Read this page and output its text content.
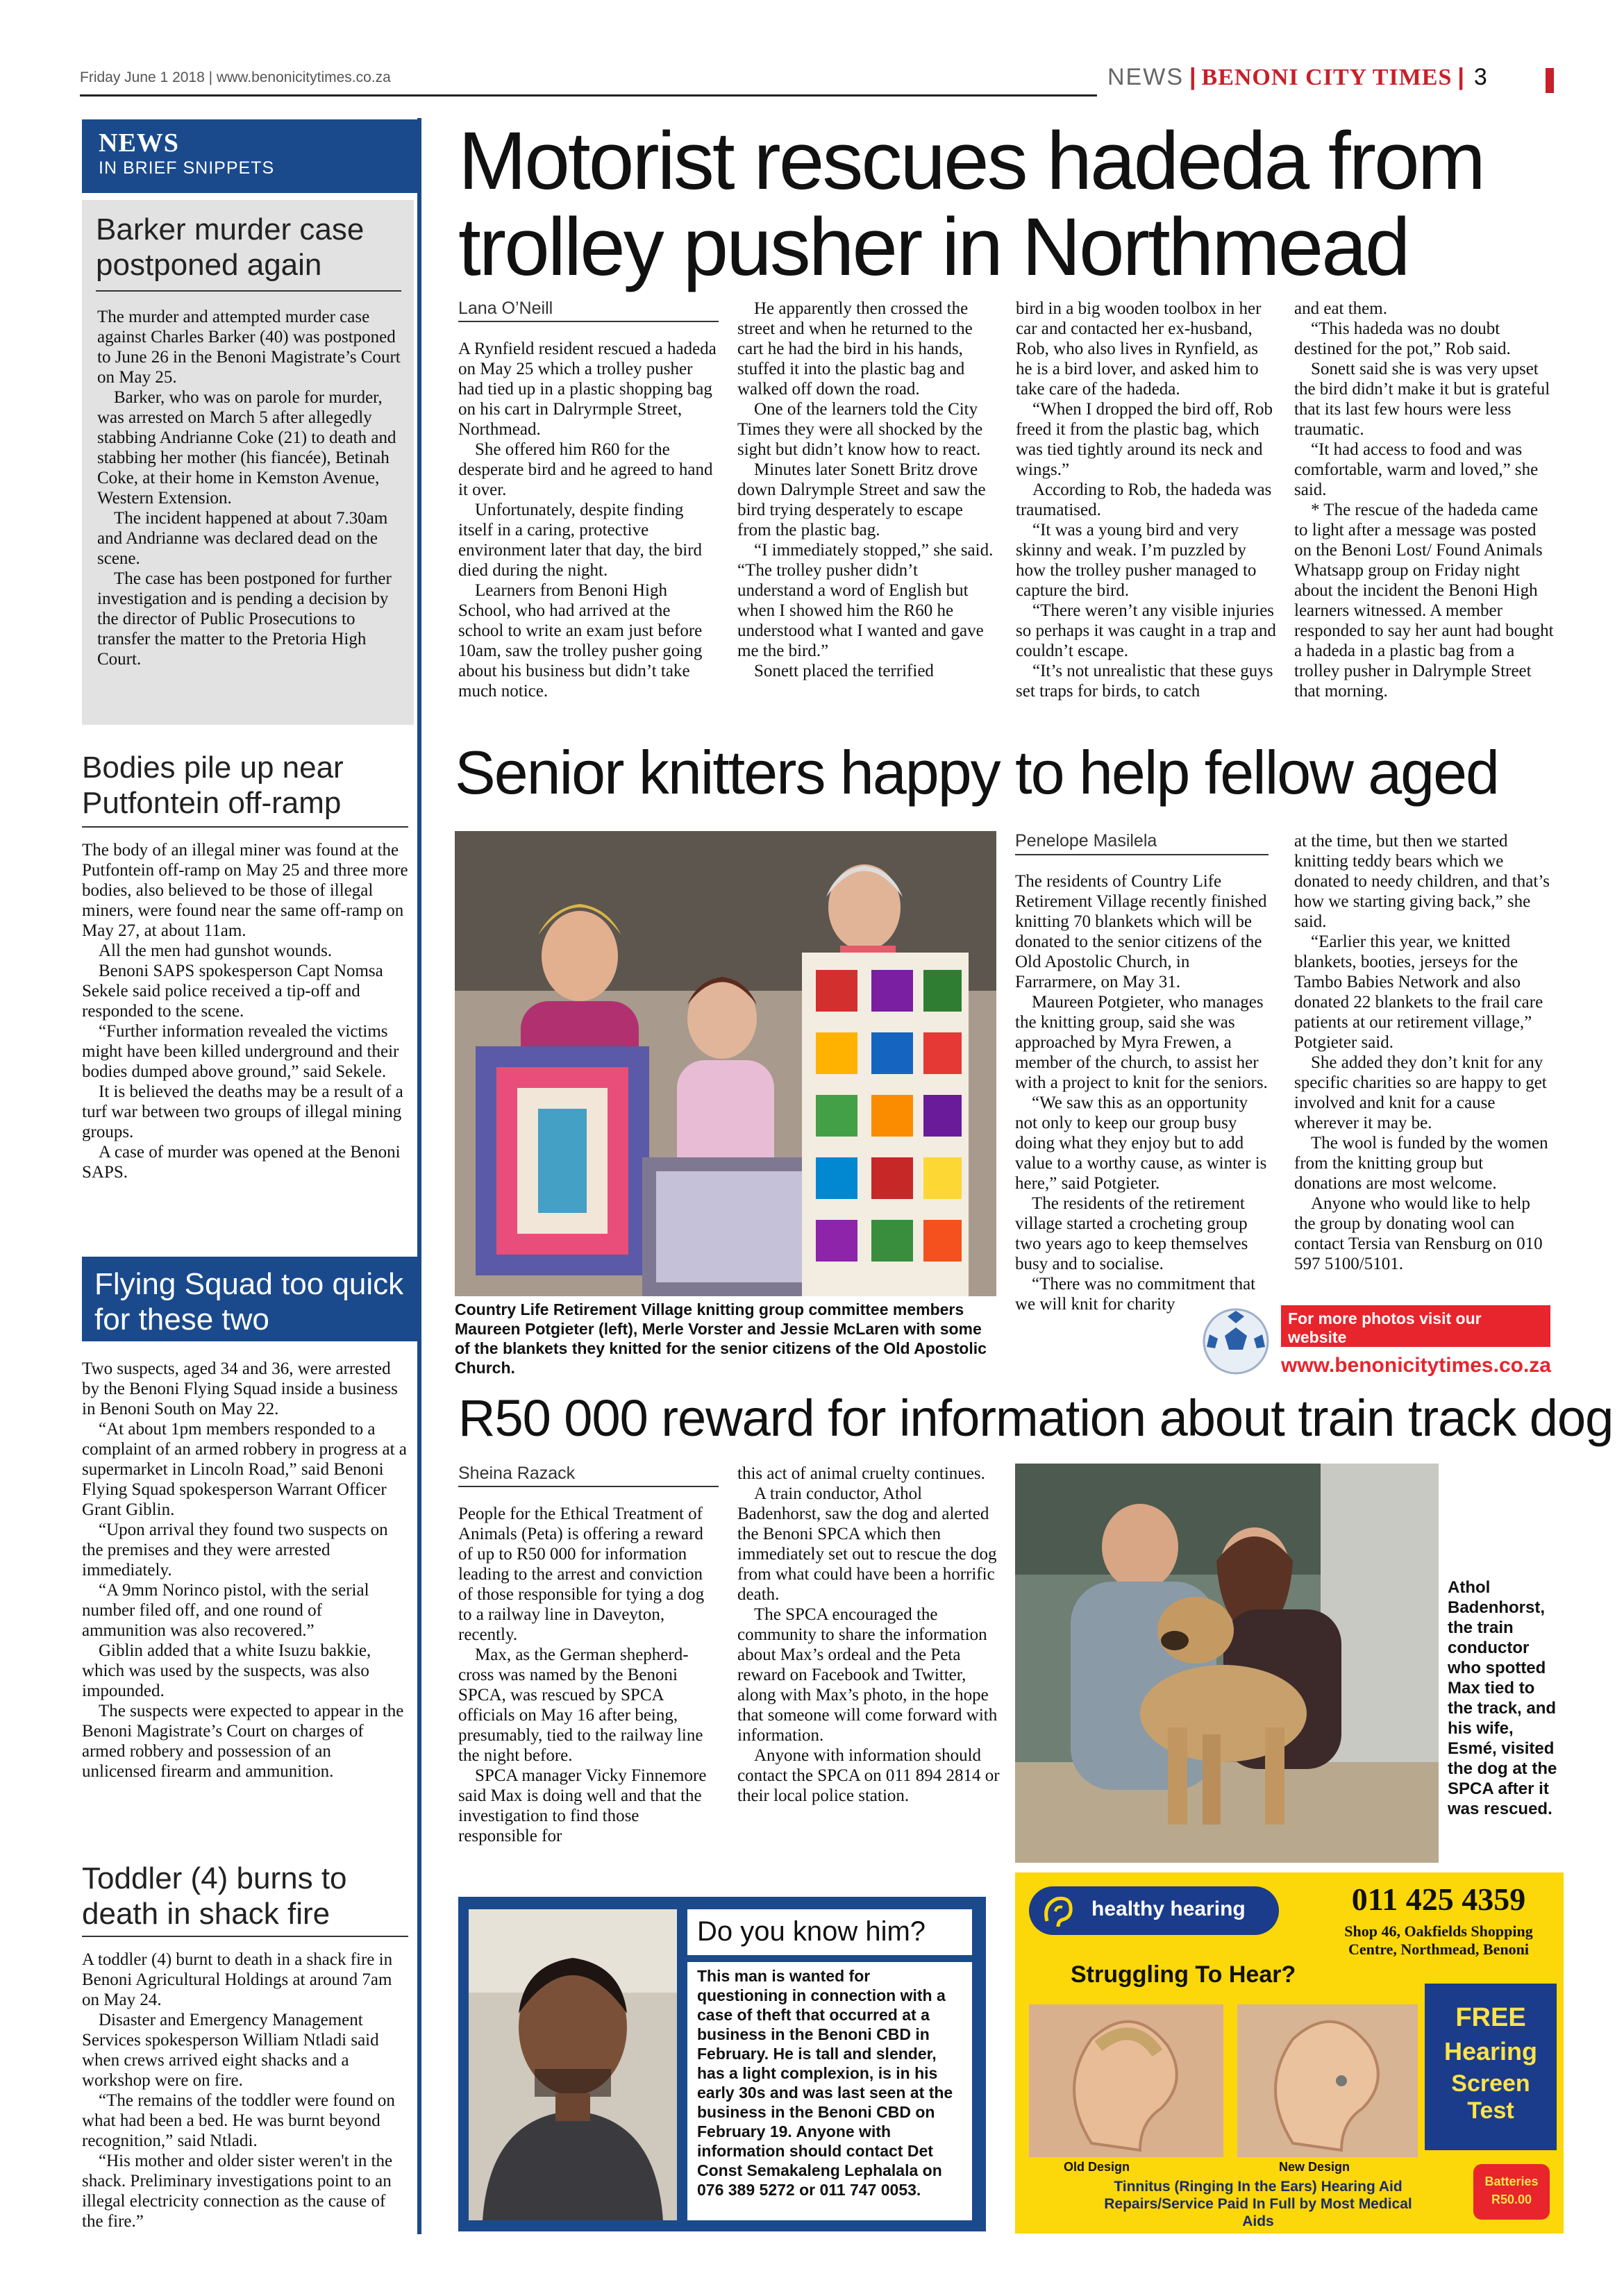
Friday June 1 2018 | www.benonicitytimes.co.za	NEWS | BENONI CITY TIMES | 3
NEWS
IN BRIEF SNIPPETS
Barker murder case postponed again

The murder and attempted murder case against Charles Barker (40) was postponed to June 26 in the Benoni Magistrate’s Court on May 25.

Barker, who was on parole for murder, was arrested on March 5 after allegedly stabbing Andrianne Coke (21) to death and stabbing her mother (his fiancée), Betinah Coke, at their home in Kemston Avenue, Western Extension.

The incident happened at about 7.30am and Andrianne was declared dead on the scene.

The case has been postponed for further investigation and is pending a decision by the director of Public Prosecutions to transfer the matter to the Pretoria High Court.

Bodies pile up near Putfontein off-ramp

The body of an illegal miner was found at the Putfontein off-ramp on May 25 and three more bodies, also believed to be those of illegal miners, were found near the same off-ramp on May 27, at about 11am.

All the men had gunshot wounds.

Benoni SAPS spokesperson Capt Nomsa Sekele said police received a tip-off and responded to the scene.

“Further information revealed the victims might have been killed underground and their bodies dumped above ground,” said Sekele.

It is believed the deaths may be a result of a turf war between two groups of illegal mining groups.

A case of murder was opened at the Benoni SAPS.

Flying Squad too quick for these two

Two suspects, aged 34 and 36, were arrested by the Benoni Flying Squad inside a business in Benoni South on May 22.

“At about 1pm members responded to a complaint of an armed robbery in progress at a supermarket in Lincoln Road,” said Benoni Flying Squad spokesperson Warrant Officer Grant Giblin.

“Upon arrival they found two suspects on the premises and they were arrested immediately.

“A 9mm Norinco pistol, with the serial number filed off, and one round of ammunition was also recovered.”

Giblin added that a white Isuzu bakkie, which was used by the suspects, was also impounded.

The suspects were expected to appear in the Benoni Magistrate’s Court on charges of armed robbery and possession of an unlicensed firearm and ammunition.

Toddler (4) burns to death in shack fire

A toddler (4) burnt to death in a shack fire in Benoni Agricultural Holdings at around 7am on May 24.

Disaster and Emergency Management Services spokesperson William Ntladi said when crews arrived eight shacks and a workshop were on fire.

“The remains of the toddler were found on what had been a bed. He was burnt beyond recognition,” said Ntladi.

“His mother and older sister weren't in the shack. Preliminary investigations point to an illegal electricity connection as the cause of the fire.”

Motorist rescues hadeda from trolley pusher in Northmead
Lana O’Neill

A Rynfield resident rescued a hadeda on May 25 which a trolley pusher had tied up in a plastic shopping bag on his cart in Dalryrmple Street, Northmead.

She offered him R60 for the desperate bird and he agreed to hand it over.

Unfortunately, despite finding itself in a caring, protective environment later that day, the bird died during the night.

Learners from Benoni High School, who had arrived at the school to write an exam just before 10am, saw the trolley pusher going about his business but didn’t take much notice.

He apparently then crossed the street and when he returned to the cart he had the bird in his hands, stuffed it into the plastic bag and walked off down the road.

One of the learners told the City Times they were all shocked by the sight but didn’t know how to react.

Minutes later Sonett Britz drove down Dalrymple Street and saw the bird trying desperately to escape from the plastic bag.

“I immediately stopped,” she said. “The trolley pusher didn’t understand a word of English but when I showed him the R60 he understood what I wanted and gave me the bird.”

Sonett placed the terrified

bird in a big wooden toolbox in her car and contacted her ex-husband, Rob, who also lives in Rynfield, as he is a bird lover, and asked him to take care of the hadeda.

“When I dropped the bird off, Rob freed it from the plastic bag, which was tied tightly around its neck and wings.”

According to Rob, the hadeda was traumatised.

“It was a young bird and very skinny and weak. I’m puzzled by how the trolley pusher managed to capture the bird.

“There weren’t any visible injuries so perhaps it was caught in a trap and couldn’t escape.

“It’s not unrealistic that these guys set traps for birds, to catch

and eat them.

“This hadeda was no doubt destined for the pot,” Rob said.

Sonett said she is was very upset the bird didn’t make it but is grateful that its last few hours were less traumatic.

“It had access to food and was comfortable, warm and loved,” she said.

* The rescue of the hadeda came to light after a message was posted on the Benoni Lost/ Found Animals Whatsapp group on Friday night about the incident the Benoni High learners witnessed. A member responded to say her aunt had bought a hadeda in a plastic bag from a trolley pusher in Dalrymple Street that morning.

Senior knitters happy to help fellow aged
Country Life Retirement Village knitting group committee members Maureen Potgieter (left), Merle Vorster and Jessie McLaren with some of the blankets they knitted for the senior citizens of the Old Apostolic Church.
Penelope Masilela

The residents of Country Life Retirement Village recently finished knitting 70 blankets which will be donated to the senior citizens of the Old Apostolic Church, in Farrarmere, on May 31.

Maureen Potgieter, who manages the knitting group, said she was approached by Myra Frewen, a member of the church, to assist her with a project to knit for the seniors.

“We saw this as an opportunity not only to keep our group busy doing what they enjoy but to add value to a worthy cause, as winter is here,” said Potgieter.

The residents of the retirement village started a crocheting group two years ago to keep themselves busy and to socialise.

“There was no commitment that we will knit for charity

at the time, but then we started knitting teddy bears which we donated to needy children, and that’s how we starting giving back,” she said.

“Earlier this year, we knitted blankets, booties, jerseys for the Tambo Babies Network and also donated 22 blankets to the frail care patients at our retirement village,” Potgieter said.

She added they don’t knit for any specific charities so are happy to get involved and knit for a cause wherever it may be.

The wool is funded by the women from the knitting group but donations are most welcome.

Anyone who would like to help the group by donating wool can contact Tersia van Rensburg on 010 597 5100/5101.

For more photos visit our website
www.benonicitytimes.co.za
R50 000 reward for information about train track dog
Sheina Razack

People for the Ethical Treatment of Animals (Peta) is offering a reward of up to R50 000 for information leading to the arrest and conviction of those responsible for tying a dog to a railway line in Daveyton, recently.

Max, as the German shepherd-cross was named by the Benoni SPCA, was rescued by SPCA officials on May 16 after being, presumably, tied to the railway line the night before.

SPCA manager Vicky Finnemore said Max is doing well and that the investigation to find those responsible for

this act of animal cruelty continues.

A train conductor, Athol Badenhorst, saw the dog and alerted the Benoni SPCA which then immediately set out to rescue the dog from what could have been a horrific death.

The SPCA encouraged the community to share the information about Max’s ordeal and the Peta reward on Facebook and Twitter, along with Max’s photo, in the hope that someone will come forward with information.

Anyone with information should contact the SPCA on 011 894 2814 or their local police station.

Athol Badenhorst, the train conductor who spotted Max tied to the track, and his wife, Esmé, visited the dog at the SPCA after it was rescued.
Do you know him?
This man is wanted for questioning in connection with a case of theft that occurred at a business in the Benoni CBD in February. He is tall and slender, has a light complexion, is in his early 30s and was last seen at the business in the Benoni CBD on February 19. Anyone with information should contact Det Const Semakaleng Lephalala on 076 389 5272 or 011 747 0053.
healthy hearing	011 425 4359
Shop 46, Oakfields Shopping Centre, Northmead, Benoni
Struggling To Hear?
Old Design	New Design
FREE
Hearing
Screen Test
Tinnitus (Ringing In the Ears) Hearing Aid Repairs/Service Paid In Full by Most Medical Aids
Batteries R50.00
